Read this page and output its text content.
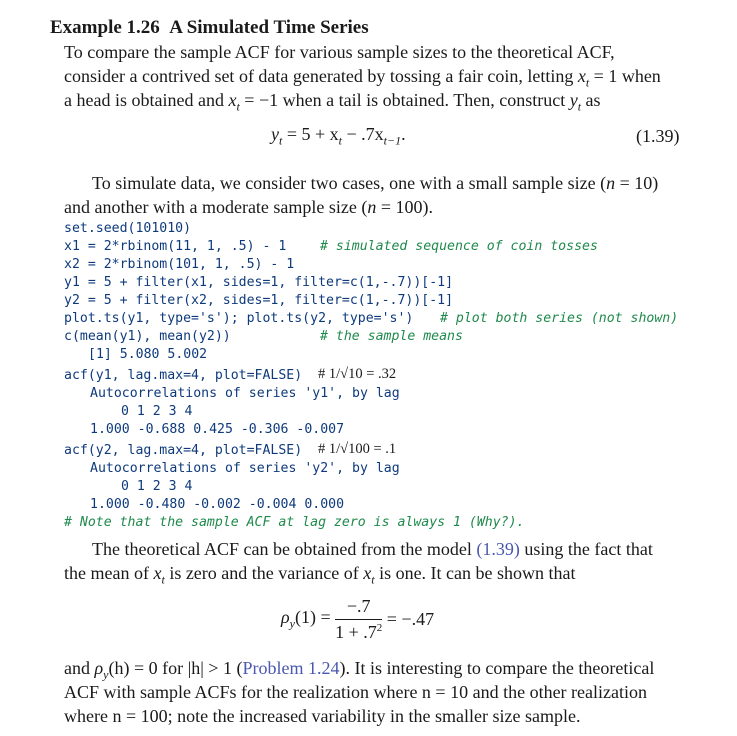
Example 1.26 A Simulated Time Series
To compare the sample ACF for various sample sizes to the theoretical ACF,
consider a contrived set of data generated by tossing a fair coin, letting $x_t = 1$ when
a head is obtained and $x_t = -1$ when a tail is obtained. Then, construct $y_t$ as
$y_t = 5 + x_t - .7x_{t-1}$.	(1.39)
To simulate data, we consider two cases, one with a small sample size (n = 10)
and another with a moderate sample size (n = 100).
set.seed(101010)
x1 = 2*rbinom(11, 1, .5) - 1	# simulated sequence of coin tosses
x2 = 2*rbinom(101, 1, .5) - 1
y1 = 5 + filter(x1, sides=1, filter=c(1,-.7))[-1]
y2 = 5 + filter(x2, sides=1, filter=c(1,-.7))[-1]
plot.ts(y1, type='s'); plot.ts(y2, type='s') # plot both series (not shown)
c(mean(y1), mean(y2))	# the sample means
[1] 5.080 5.002
acf(y1, lag.max=4, plot=FALSE) # 1/√10 = .32
Autocorrelations of series 'y1', by lag
0 1 2 3 4
1.000 -0.688 0.425 -0.306 -0.007
acf(y2, lag.max=4, plot=FALSE) # 1/√100 = .1
Autocorrelations of series 'y2', by lag
0 1 2 3 4
1.000 -0.480 -0.002 -0.004 0.000
# Note that the sample ACF at lag zero is always 1 (Why?).
The theoretical ACF can be obtained from the model (1.39) using the fact that
the mean of $x_t$ is zero and the variance of $x_t$ is one. It can be shown that
$\rho_y(1) = \frac{-.7}{1 + .7^2} = -.47$
and $\rho_y(h) = 0$ for |h| > 1 (Problem 1.24). It is interesting to compare the theoretical
ACF with sample ACFs for the realization where n = 10 and the other realization
where n = 100; note the increased variability in the smaller size sample.
